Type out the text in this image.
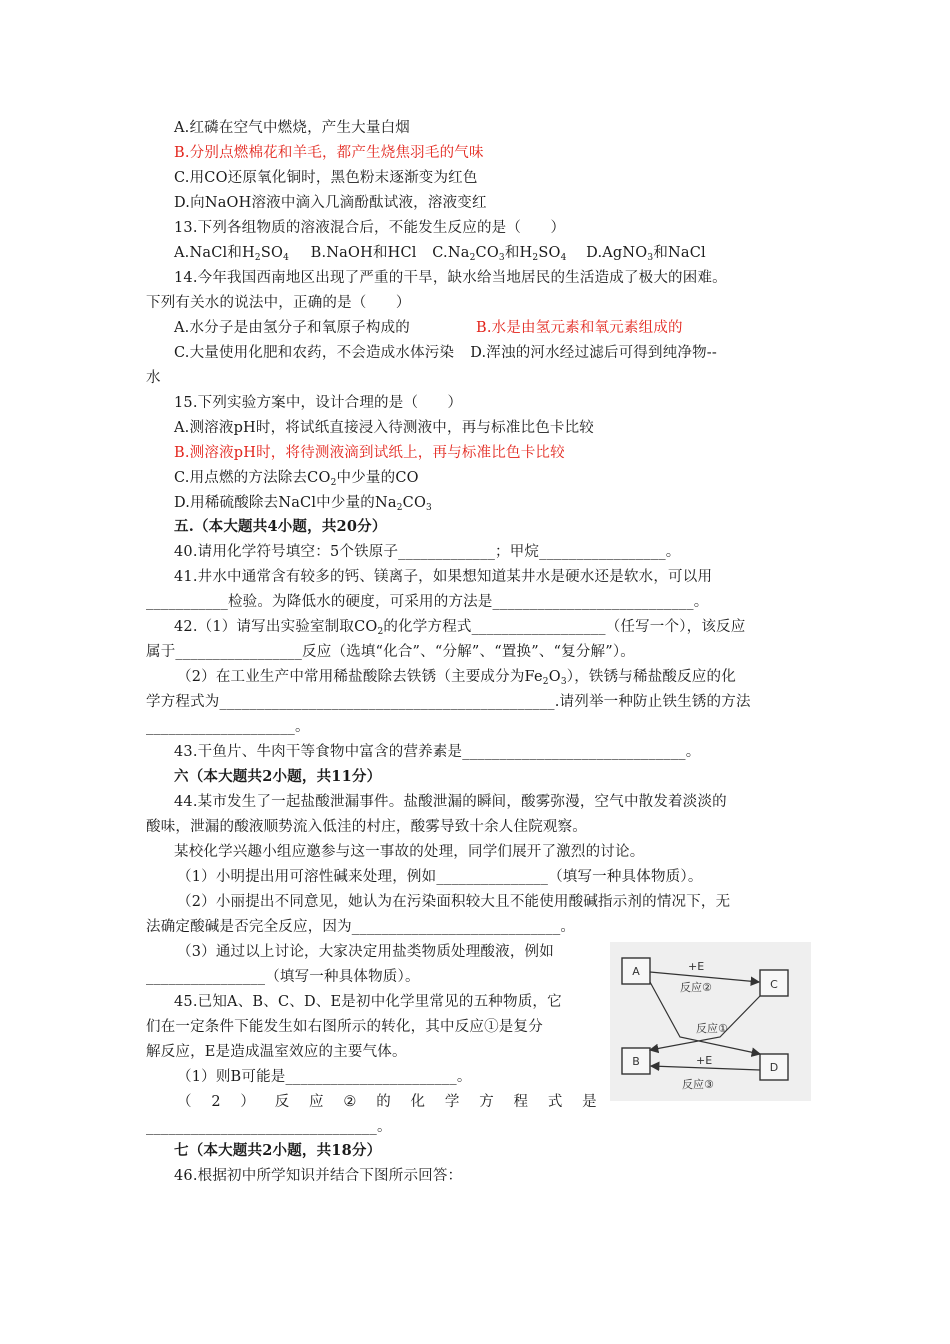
A.红磷在空气中燃烧，产生大量白烟
B.分别点燃棉花和羊毛，都产生烧焦羽毛的气味
C.用CO还原氧化铜时，黑色粉末逐渐变为红色
D.向NaOH溶液中滴入几滴酚酞试液，溶液变红
13.下列各组物质的溶液混合后，不能发生反应的是（　　）
A.NaCl和$H_2SO_4$ B.NaOH和HCl $C.Na_2CO_3$和$H_2SO_4$ D.AgNO$_3$和NaCl
14.今年我国西南地区出现了严重的干旱，缺水给当地居民的生活造成了极大的困难。
下列有关水的说法中，正确的是（　　）
A.水分子是由氢分子和氧原子构成的	B.水是由氢元素和氧元素组成的
C.大量使用化肥和农药，不会造成水体污染 D.浑浊的河水经过滤后可得到纯净物--
水
15.下列实验方案中，设计合理的是（　　）
A.测溶液pH时，将试纸直接浸入待测液中，再与标准比色卡比较
B.测溶液pH时，将待测液滴到试纸上，再与标准比色卡比较
C.用点燃的方法除去$CO_2$中少量的CO
D.用稀硫酸除去NaCl中少量的$Na_2CO_3$
五.（本大题共4小题，共20分）
40.请用化学符号填空：5个铁原子_____________；甲烷_________________。
41.井水中通常含有较多的钙、镁离子，如果想知道某井水是硬水还是软水，可以用
___________检验。为降低水的硬度，可采用的方法是___________________________。
42.（1）请写出实验室制取$CO_2$的化学方程式__________________（任写一个），该反应
属于_________________反应（选填“化合”、“分解”、“置换”、“复分解”）。
（2）在工业生产中常用稀盐酸除去铁锈（主要成分为$Fe_2O_3$），铁锈与稀盐酸反应的化
学方程式为_____________________________________________.请列举一种防止铁生锈的方法
____________________。
43.干鱼片、牛肉干等食物中富含的营养素是______________________________。
六（本大题共2小题，共11分）
44.某市发生了一起盐酸泄漏事件。盐酸泄漏的瞬间，酸雾弥漫，空气中散发着淡淡的
酸味，泄漏的酸液顺势流入低洼的村庄，酸雾导致十余人住院观察。
某校化学兴趣小组应邀参与这一事故的处理，同学们展开了激烈的讨论。
（1）小明提出用可溶性碱来处理，例如_______________（填写一种具体物质）。
（2）小丽提出不同意见，她认为在污染面积较大且不能使用酸碱指示剂的情况下，无
法确定酸碱是否完全反应，因为____________________________。
（3）通过以上讨论，大家决定用盐类物质处理酸液，例如
________________（填写一种具体物质）。
45.已知A、B、C、D、E是初中化学里常见的五种物质，它
们在一定条件下能发生如右图所示的转化，其中反应①是复分
解反应，E是造成温室效应的主要气体。
（1）则B可能是_______________________。
（ 2 ） 反 应 ② 的 化 学 方 程 式 是
_______________________________。
七（本大题共2小题，共18分）
46.根据初中所学知识并结合下图所示回答：
A
C
B	D
+E
反应②
反应①
+E
反应③
